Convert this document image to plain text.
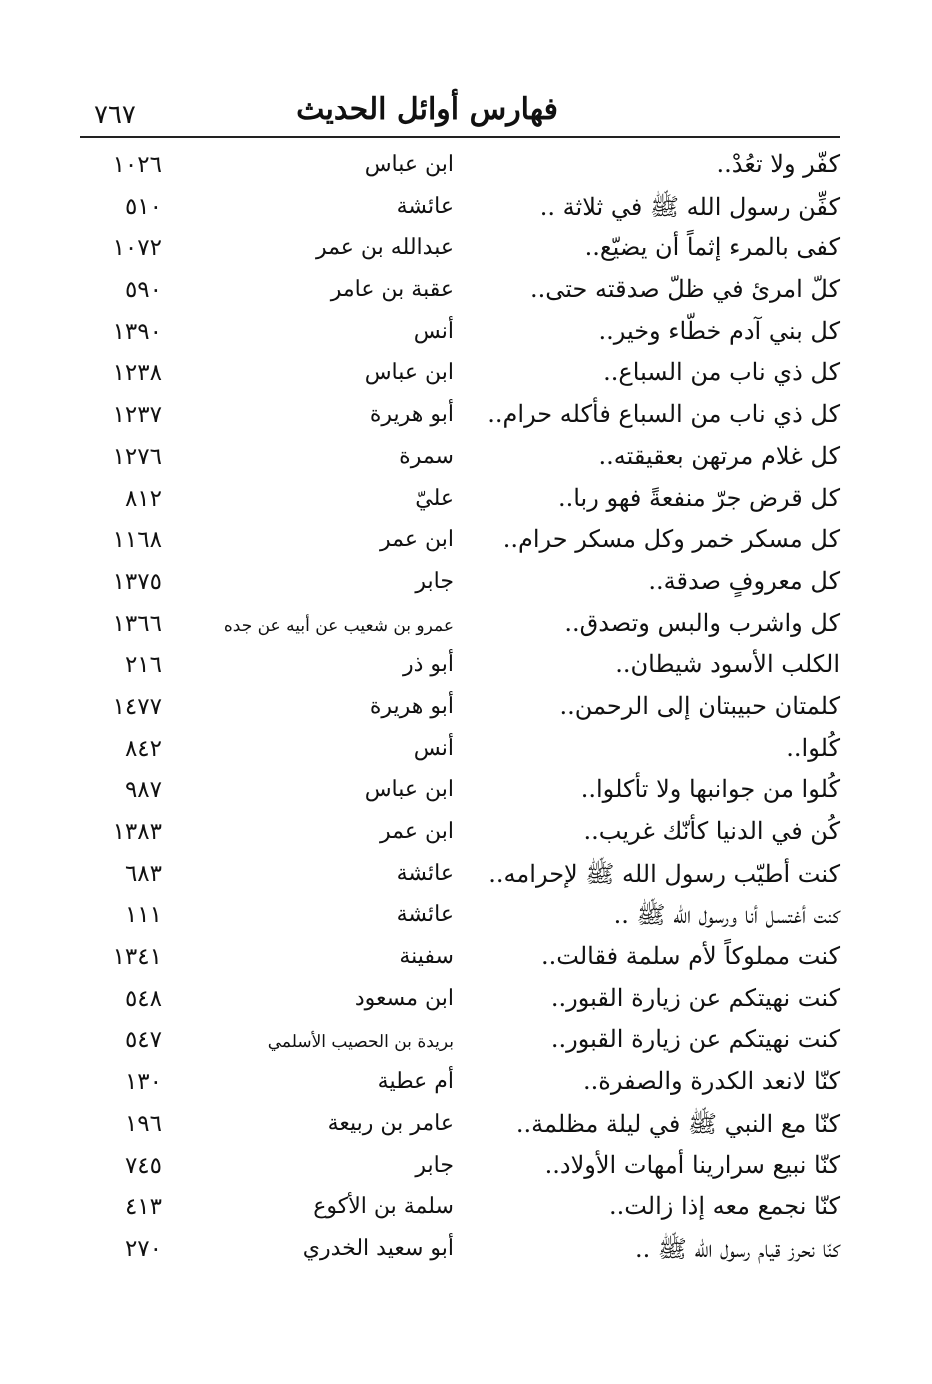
فهارس أوائل الحديث
٧٦٧
كفّر ولا تعُدْ..
ابن عباس
١٠٢٦
كفِّن رسول الله ﷺ في ثلاثة ..
عائشة
٥١٠
كفى بالمرء إثماً أن يضيّع..
عبدالله بن عمر
١٠٧٢
كلّ امرئ في ظلّ صدقته حتى..
عقبة بن عامر
٥٩٠
كل بني آدم خطّاء وخير..
أنس
١٣٩٠
كل ذي ناب من السباع..
ابن عباس
١٢٣٨
كل ذي ناب من السباع فأكله حرام..
أبو هريرة
١٢٣٧
كل غلام مرتهن بعقيقته..
سمرة
١٢٧٦
كل قرض جرّ منفعةً فهو ربا..
عليّ
٨١٢
كل مسكر خمر وكل مسكر حرام..
ابن عمر
١١٦٨
كل معروفٍ صدقة..
جابر
١٣٧٥
كل واشرب والبس وتصدق..
عمرو بن شعيب عن أبيه عن جده
١٣٦٦
الكلب الأسود شيطان..
أبو ذر
٢١٦
كلمتان حبيبتان إلى الرحمن..
أبو هريرة
١٤٧٧
كُلوا..
أنس
٨٤٢
كُلوا من جوانبها ولا تأكلوا..
ابن عباس
٩٨٧
كُن في الدنيا كأنّك غريب..
ابن عمر
١٣٨٣
كنت أطيّب رسول الله ﷺ لإحرامه..
عائشة
٦٨٣
كنت أغتسل أنا ورسول الله ﷺ ..
عائشة
١١١
كنت مملوكاً لأم سلمة فقالت..
سفينة
١٣٤١
كنت نهيتكم عن زيارة القبور..
ابن مسعود
٥٤٨
كنت نهيتكم عن زيارة القبور..
بريدة بن الحصيب الأسلمي
٥٤٧
كنّا لانعد الكدرة والصفرة..
أم عطية
١٣٠
كنّا مع النبي ﷺ في ليلة مظلمة..
عامر بن ربيعة
١٩٦
كنّا نبيع سرارينا أمهات الأولاد..
جابر
٧٤٥
كنّا نجمع معه إذا زالت..
سلمة بن الأكوع
٤١٣
كنّا نحرز قيام رسول الله ﷺ ..
أبو سعيد الخدري
٢٧٠
